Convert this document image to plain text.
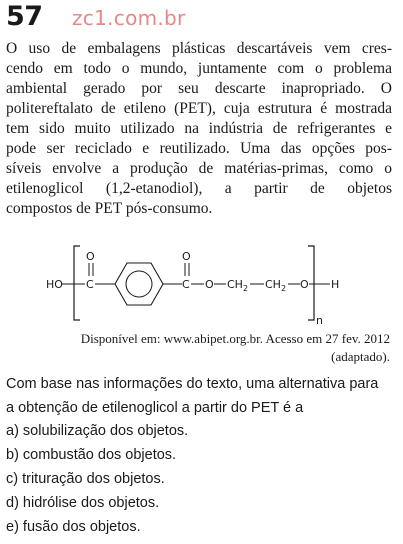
57 zc1.com.br

O uso de embalagens plásticas descartáveis vem cres-
cendo em todo o mundo, juntamente com o problema
ambiental gerado por seu descarte inapropriado. O
politereftalato de etileno (PET), cuja estrutura é mostrada
tem sido muito utilizado na indústria de refrigerantes e
pode ser reciclado e reutilizado. Uma das opções pos-
síveis envolve a produção de matérias-primas, como o
etilenoglicol (1,2-etanodiol), a partir de objetos
compostos de PET pós-consumo.

n
HO C
O
C
O
O $CH_2$ $CH_2$ O H
Disponível em: www.abipet.org.br. Acesso em 27 fev. 2012
(adaptado).
Com base nas informações do texto, uma alternativa para
a obtenção de etilenoglicol a partir do PET é a
a) solubilização dos objetos.
b) combustão dos objetos.
c) trituração dos objetos.
d) hidrólise dos objetos.
e) fusão dos objetos.
